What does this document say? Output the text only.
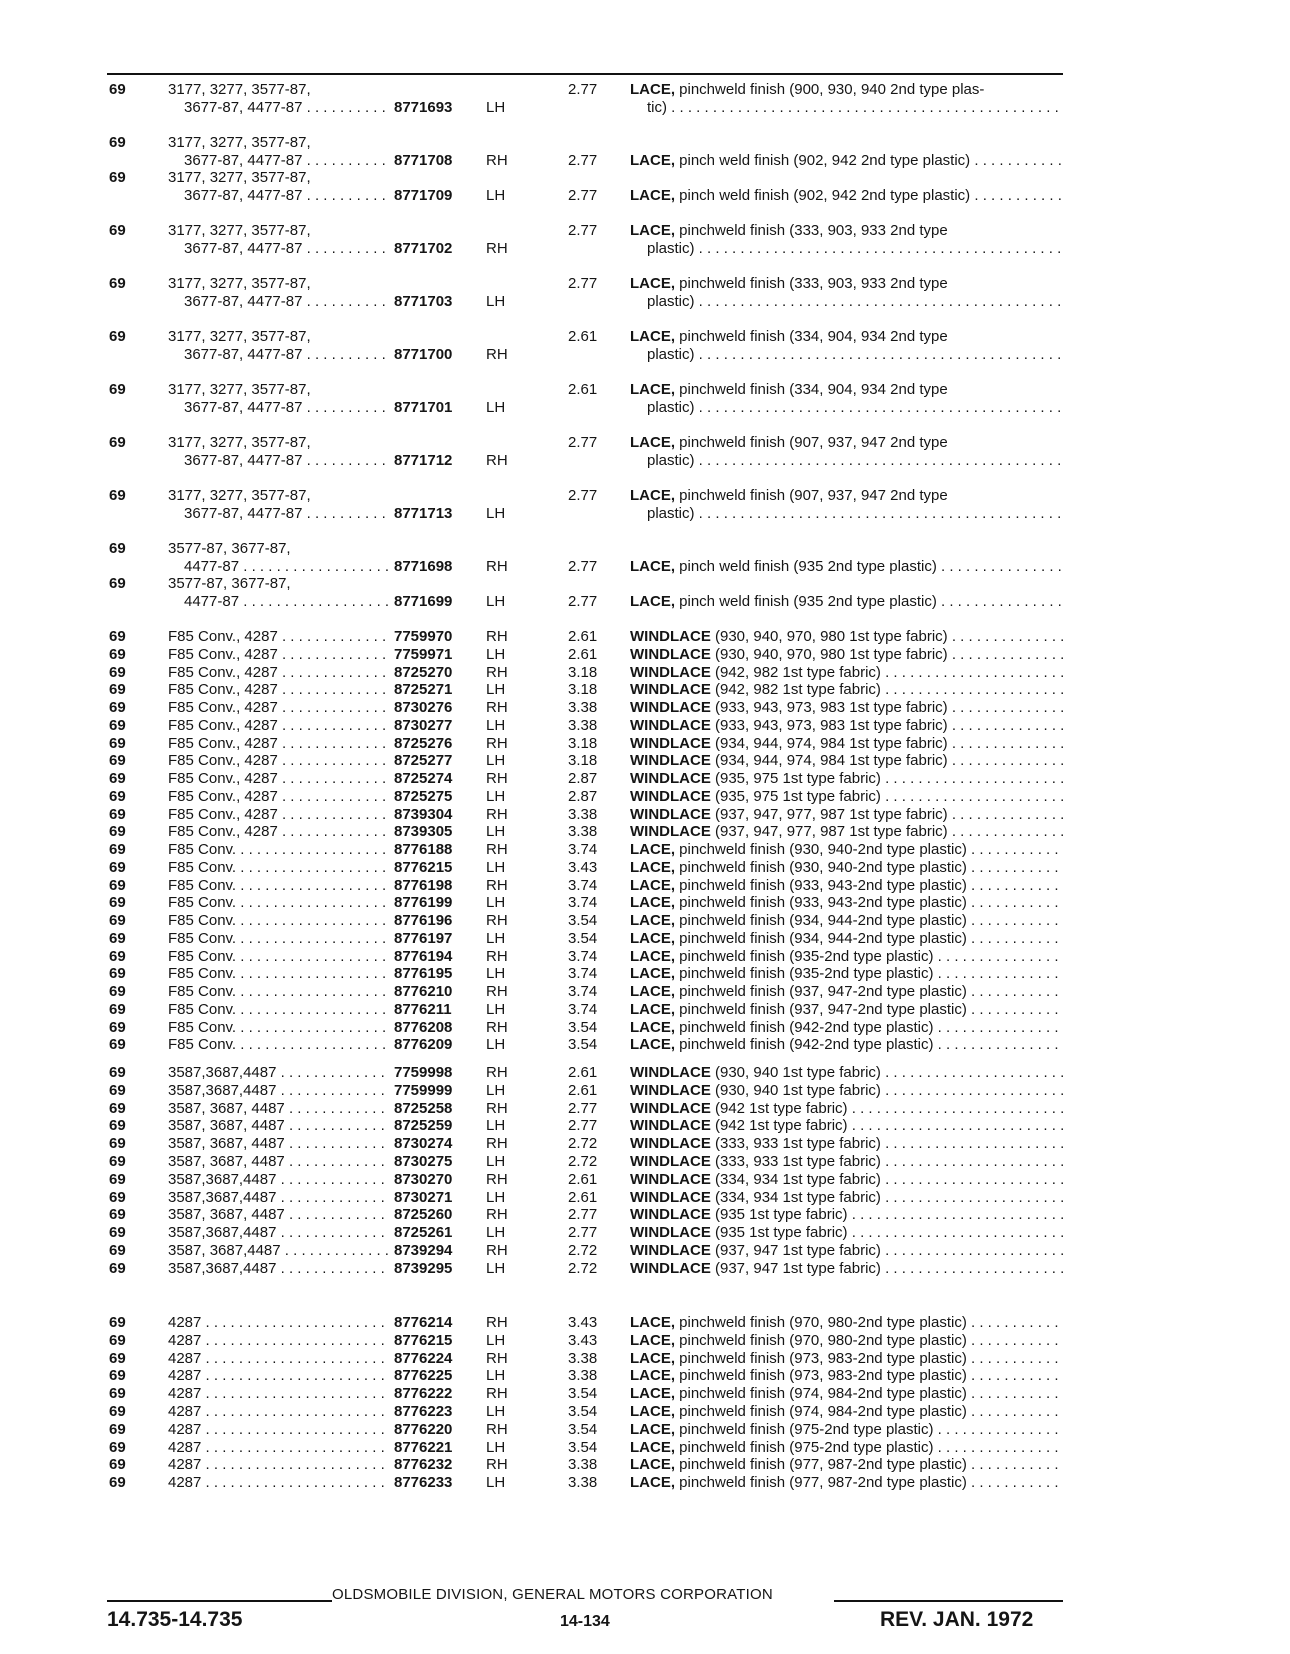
69	3177, 3277, 3577-87,	2.77 LACE, pinchweld finish (900, 930, 940 2nd type plas-
3677-87, 4477-87 . . .	8771693 LH	tic) . . .
69	3177, 3277, 3577-87,
3677-87, 4477-87 . . .	8771708 RH	2.77 LACE, pinch weld finish (902, 942 2nd type plastic) . . .
69	3177, 3277, 3577-87,
3677-87, 4477-87 . . .	8771709 LH	2.77 LACE, pinch weld finish (902, 942 2nd type plastic) . . .
69	3177, 3277, 3577-87,	2.77 LACE, pinchweld finish (333, 903, 933 2nd type
3677-87, 4477-87 . . .	8771702 RH	plastic) . . .
69	3177, 3277, 3577-87,	2.77 LACE, pinchweld finish (333, 903, 933 2nd type
3677-87, 4477-87 . . .	8771703 LH	plastic) . . .
69	3177, 3277, 3577-87,	2.61 LACE, pinchweld finish (334, 904, 934 2nd type
3677-87, 4477-87 . . .	8771700 RH	plastic) . . .
69	3177, 3277, 3577-87,	2.61 LACE, pinchweld finish (334, 904, 934 2nd type
3677-87, 4477-87 . . .	8771701 LH	plastic) . . .
69	3177, 3277, 3577-87,	2.77 LACE, pinchweld finish (907, 937, 947 2nd type
3677-87, 4477-87 . . .	8771712 RH	plastic) . . .
69	3177, 3277, 3577-87,	2.77 LACE, pinchweld finish (907, 937, 947 2nd type
3677-87, 4477-87 . . .	8771713 LH	plastic) . . .
69	3577-87, 3677-87,
4477-87 . . .	8771698 RH	2.77 LACE, pinch weld finish (935 2nd type plastic) . . .
69	3577-87, 3677-87,
4477-87 . . .	8771699 LH	2.77 LACE, pinch weld finish (935 2nd type plastic) . . .
69	F85 Conv., 4287 . . .	7759970 RH	2.61 WINDLACE (930, 940, 970, 980 1st type fabric) . . .
69	F85 Conv., 4287 . . .	7759971 LH	2.61 WINDLACE (930, 940, 970, 980 1st type fabric) . . .
69	F85 Conv., 4287 . . .	8725270 RH	3.18 WINDLACE (942, 982 1st type fabric) . . .
69	F85 Conv., 4287 . . .	8725271 LH	3.18 WINDLACE (942, 982 1st type fabric) . . .
69	F85 Conv., 4287 . . .	8730276 RH	3.38 WINDLACE (933, 943, 973, 983 1st type fabric) . . .
69	F85 Conv., 4287 . . .	8730277 LH	3.38 WINDLACE (933, 943, 973, 983 1st type fabric) . . .
69	F85 Conv., 4287 . . .	8725276 RH	3.18 WINDLACE (934, 944, 974, 984 1st type fabric) . . .
69	F85 Conv., 4287 . . .	8725277 LH	3.18 WINDLACE (934, 944, 974, 984 1st type fabric) . . .
69	F85 Conv., 4287 . . .	8725274 RH	2.87 WINDLACE (935, 975 1st type fabric) . . .
69	F85 Conv., 4287 . . .	8725275 LH	2.87 WINDLACE (935, 975 1st type fabric) . . .
69	F85 Conv., 4287 . . .	8739304 RH	3.38 WINDLACE (937, 947, 977, 987 1st type fabric) . . .
69	F85 Conv., 4287 . . .	8739305 LH	3.38 WINDLACE (937, 947, 977, 987 1st type fabric) . . .
69	F85 Conv. . . .	8776188 RH	3.74 LACE, pinchweld finish (930, 940-2nd type plastic) . . .
69	F85 Conv. . . .	8776215 LH	3.43 LACE, pinchweld finish (930, 940-2nd type plastic) . . .
69	F85 Conv. . . .	8776198 RH	3.74 LACE, pinchweld finish (933, 943-2nd type plastic) . . .
69	F85 Conv. . . .	8776199 LH	3.74 LACE, pinchweld finish (933, 943-2nd type plastic) . . .
69	F85 Conv. . . .	8776196 RH	3.54 LACE, pinchweld finish (934, 944-2nd type plastic) . . .
69	F85 Conv. . . .	8776197 LH	3.54 LACE, pinchweld finish (934, 944-2nd type plastic) . . .
69	F85 Conv. . . .	8776194 RH	3.74 LACE, pinchweld finish (935-2nd type plastic) . . .
69	F85 Conv. . . .	8776195 LH	3.74 LACE, pinchweld finish (935-2nd type plastic) . . .
69	F85 Conv. . . .	8776210 RH	3.74 LACE, pinchweld finish (937, 947-2nd type plastic) . . .
69	F85 Conv. . . .	8776211 LH	3.74 LACE, pinchweld finish (937, 947-2nd type plastic) . . .
69	F85 Conv. . . .	8776208 RH	3.54 LACE, pinchweld finish (942-2nd type plastic) . . .
69	F85 Conv. . . .	8776209 LH	3.54 LACE, pinchweld finish (942-2nd type plastic) . . .
69	3587,3687,4487 . . .	7759998 RH	2.61 WINDLACE (930, 940 1st type fabric) . . .
69	3587,3687,4487 . . .	7759999 LH	2.61 WINDLACE (930, 940 1st type fabric) . . .
69	3587, 3687, 4487 . . .	8725258 RH	2.77 WINDLACE (942 1st type fabric) . . .
69	3587, 3687, 4487 . . .	8725259 LH	2.77 WINDLACE (942 1st type fabric) . . .
69	3587, 3687, 4487 . . .	8730274 RH	2.72 WINDLACE (333, 933 1st type fabric) . . .
69	3587, 3687, 4487 . . .	8730275 LH	2.72 WINDLACE (333, 933 1st type fabric) . . .
69	3587,3687,4487 . . .	8730270 RH	2.61 WINDLACE (334, 934 1st type fabric) . . .
69	3587,3687,4487 . . .	8730271 LH	2.61 WINDLACE (334, 934 1st type fabric) . . .
69	3587, 3687, 4487 . . .	8725260 RH	2.77 WINDLACE (935 1st type fabric) . . .
69	3587,3687,4487 . . .	8725261 LH	2.77 WINDLACE (935 1st type fabric) . . .
69	3587, 3687,4487 . . .	8739294 RH	2.72 WINDLACE (937, 947 1st type fabric) . . .
69	3587,3687,4487 . . .	8739295 LH	2.72 WINDLACE (937, 947 1st type fabric) . . .
69	4287 . . .	8776214 RH	3.43 LACE, pinchweld finish (970, 980-2nd type plastic) . . .
69	4287 . . .	8776215 LH	3.43 LACE, pinchweld finish (970, 980-2nd type plastic) . . .
69	4287 . . .	8776224 RH	3.38 LACE, pinchweld finish (973, 983-2nd type plastic) . . .
69	4287 . . .	8776225 LH	3.38 LACE, pinchweld finish (973, 983-2nd type plastic) . . .
69	4287 . . .	8776222 RH	3.54 LACE, pinchweld finish (974, 984-2nd type plastic) . . .
69	4287 . . .	8776223 LH	3.54 LACE, pinchweld finish (974, 984-2nd type plastic) . . .
69	4287 . . .	8776220 RH	3.54 LACE, pinchweld finish (975-2nd type plastic) . . .
69	4287 . . .	8776221 LH	3.54 LACE, pinchweld finish (975-2nd type plastic) . . .
69	4287 . . .	8776232 RH	3.38 LACE, pinchweld finish (977, 987-2nd type plastic) . . .
69	4287 . . .	8776233 LH	3.38 LACE, pinchweld finish (977, 987-2nd type plastic) . . .
OLDSMOBILE DIVISION, GENERAL MOTORS CORPORATION
14.735-14.735	14-134	REV. JAN. 1972
